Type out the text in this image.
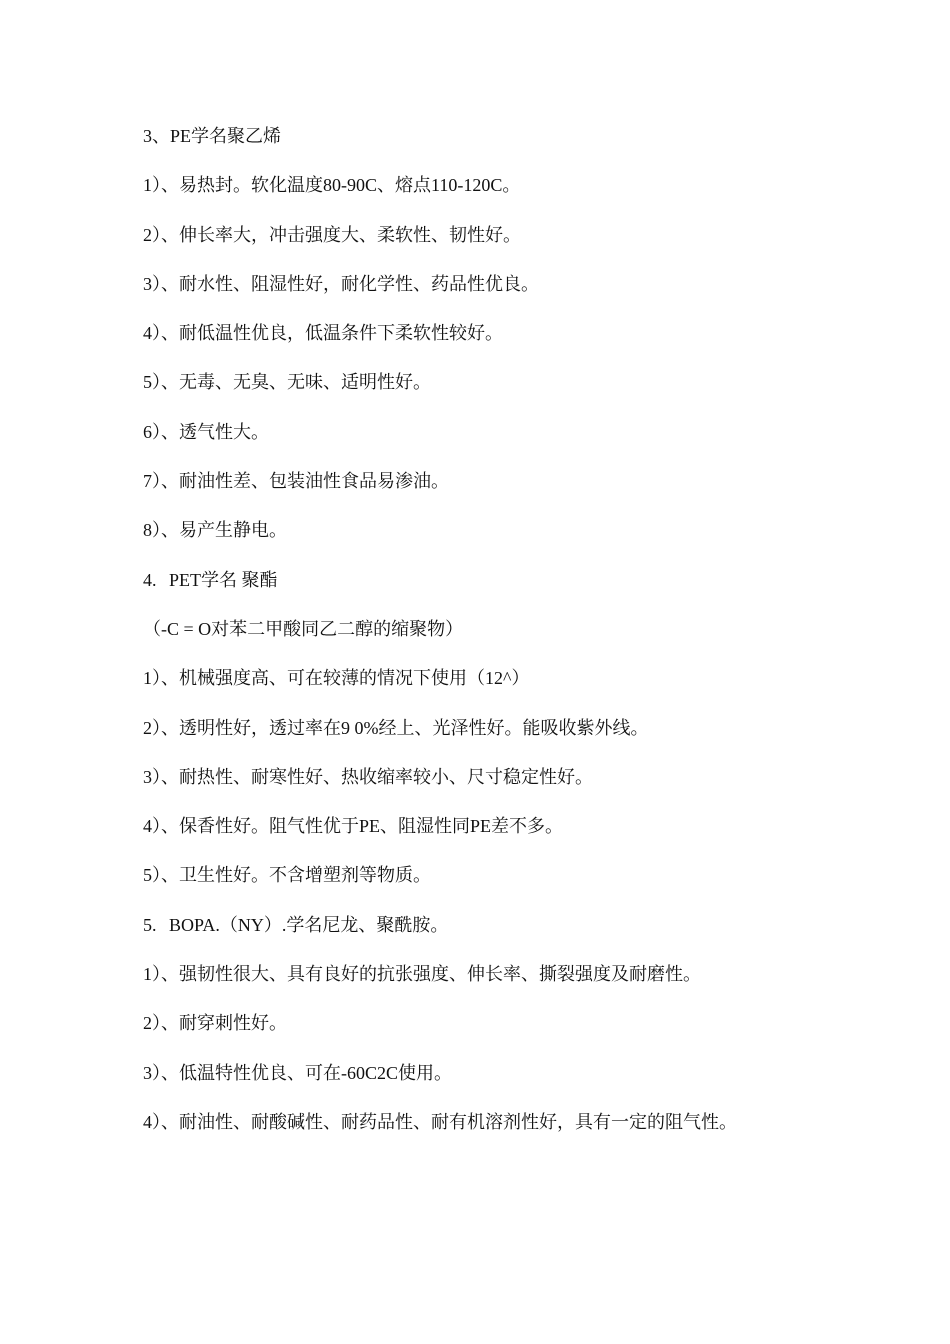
3、PE学名聚乙烯

1）、易热封。软化温度80-90C、熔点110-120C。

2）、伸长率大，冲击强度大、柔软性、韧性好。

3）、耐水性、阻湿性好，耐化学性、药品性优良。

4）、耐低温性优良，低温条件下柔软性较好。

5）、无毒、无臭、无味、适明性好。

6）、透气性大。

7）、耐油性差、包装油性食品易渗油。

8）、易产生静电。

4. PET学名 聚酯

（-C = O对苯二甲酸同乙二醇的缩聚物）

1）、机械强度高、可在较薄的情况下使用（12^）

2）、透明性好，透过率在9 0%经上、光泽性好。能吸收紫外线。

3）、耐热性、耐寒性好、热收缩率较小、尺寸稳定性好。

4）、保香性好。阻气性优于PE、阻湿性同PE差不多。

5）、卫生性好。不含增塑剂等物质。

5. BOPA.（NY）.学名尼龙、聚酰胺。

1）、强韧性很大、具有良好的抗张强度、伸长率、撕裂强度及耐磨性。

2）、耐穿刺性好。

3）、低温特性优良、可在-60C2C使用。

4）、耐油性、耐酸碱性、耐药品性、耐有机溶剂性好，具有一定的阻气性。
